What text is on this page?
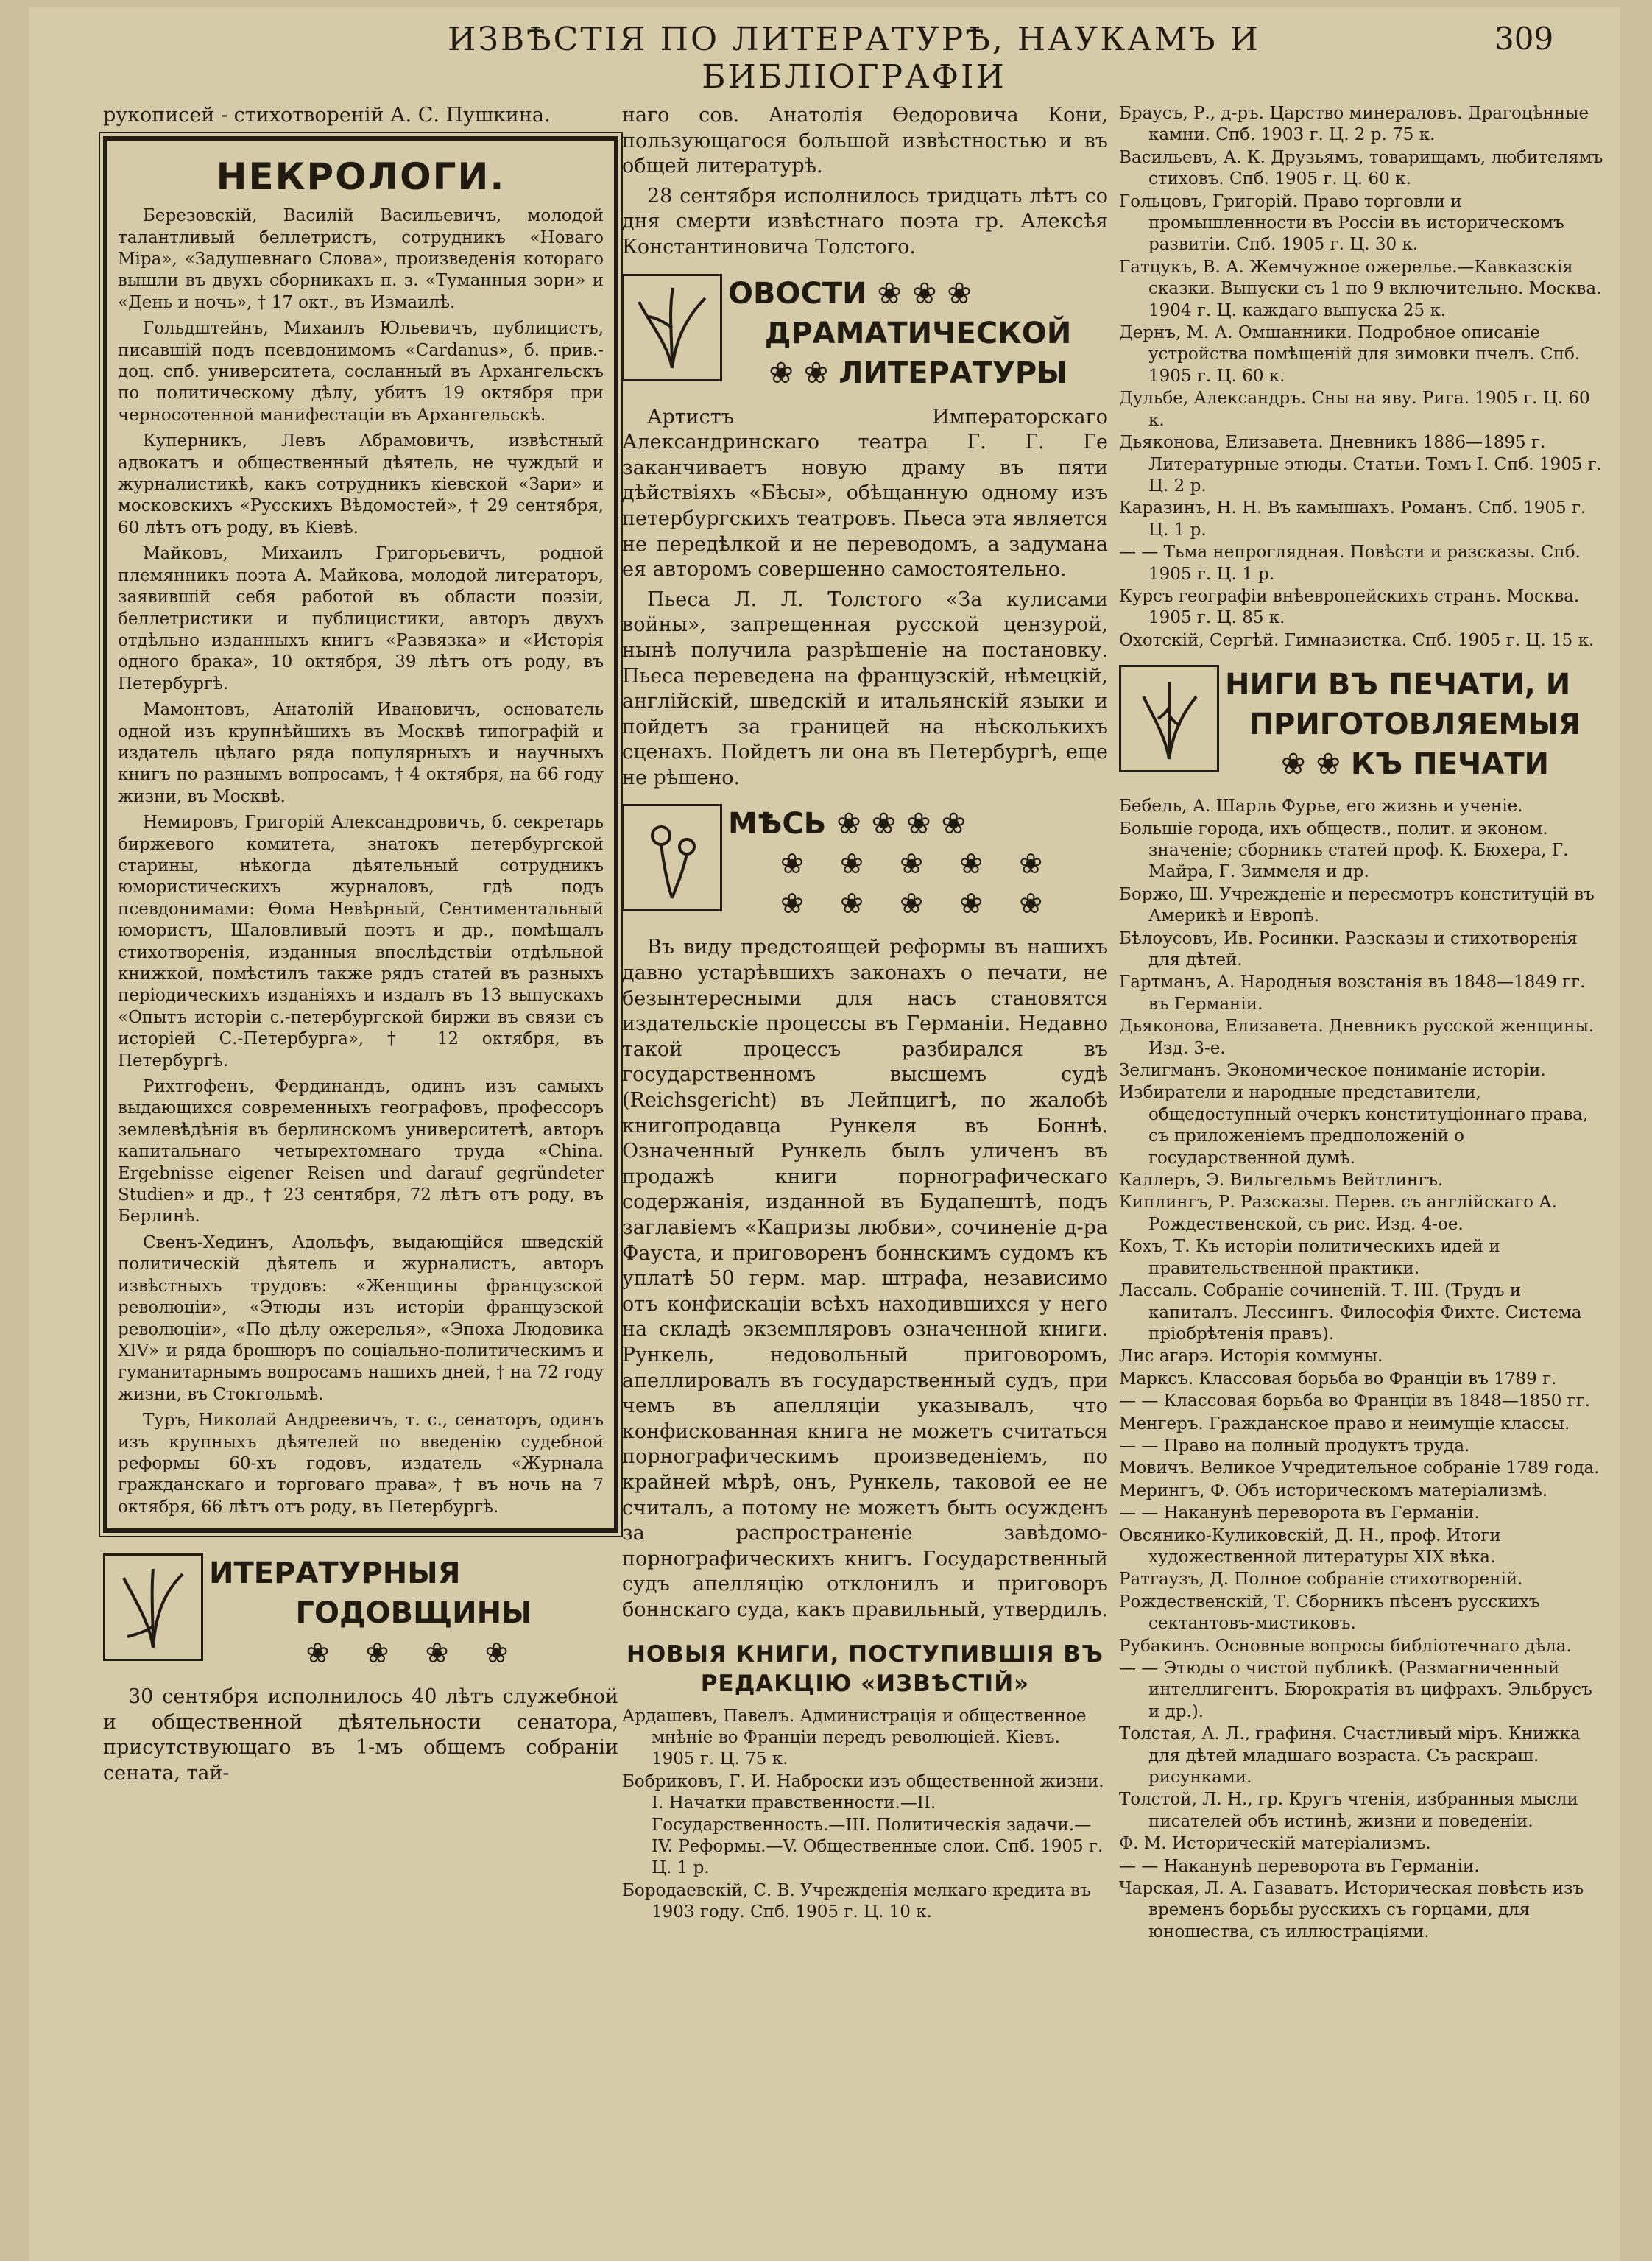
ИЗВѢСТІЯ ПО ЛИТЕРАТУРѢ, НАУКАМЪ И БИБЛІОГРАФІИ
309

рукописей - стихотвореній А. С. Пушкина.

НЕКРОЛОГИ.

Березовскій, Василій Васильевичъ, молодой талантливый беллетристъ, сотрудникъ «Новаго Міра», «Задушевнаго Слова», произведенія котораго вышли въ двухъ сборникахъ п. з. «Туманныя зори» и «День и ночь», † 17 окт., въ Измаилѣ.

Гольдштейнъ, Михаилъ Юльевичъ, публицистъ, писавшій подъ псевдонимомъ «Cardanus», б. прив.-доц. спб. университета, сосланный въ Архангельскъ по политическому дѣлу, убитъ 19 октября при черносотенной манифестаціи въ Архангельскѣ.

Куперникъ, Левъ Абрамовичъ, извѣстный адвокатъ и общественный дѣятель, не чуждый и журналистикѣ, какъ сотрудникъ кіевской «Зари» и московскихъ «Русскихъ Вѣдомостей», † 29 сентября, 60 лѣтъ отъ роду, въ Кіевѣ.

Майковъ, Михаилъ Григорьевичъ, родной племянникъ поэта А. Майкова, молодой литераторъ, заявившій себя работой въ области поэзіи, беллетристики и публицистики, авторъ двухъ отдѣльно изданныхъ книгъ «Развязка» и «Исторія одного брака», 10 октября, 39 лѣтъ отъ роду, въ Петербургѣ.

Мамонтовъ, Анатолій Ивановичъ, основатель одной изъ крупнѣйшихъ въ Москвѣ типографій и издатель цѣлаго ряда популярныхъ и научныхъ книгъ по разнымъ вопросамъ, † 4 октября, на 66 году жизни, въ Москвѣ.

Немировъ, Григорій Александровичъ, б. секретарь биржевого комитета, знатокъ петербургской старины, нѣкогда дѣятельный сотрудникъ юмористическихъ журналовъ, гдѣ подъ псевдонимами: Ѳома Невѣрный, Сентиментальный юмористъ, Шаловливый поэтъ и др., помѣщалъ стихотворенія, изданныя впослѣдствіи отдѣльной книжкой, помѣстилъ также рядъ статей въ разныхъ періодическихъ изданіяхъ и издалъ въ 13 выпускахъ «Опытъ исторіи с.-петербургской биржи въ связи съ исторіей С.-Петербурга», † 12 октября, въ Петербургѣ.

Рихтгофенъ, Фердинандъ, одинъ изъ самыхъ выдающихся современныхъ географовъ, профессоръ землевѣдѣнія въ берлинскомъ университетѣ, авторъ капитальнаго четырехтомнаго труда «China. Ergebnisse eigener Reisen und darauf gegründeter Studien» и др., † 23 сентября, 72 лѣтъ отъ роду, въ Берлинѣ.

Свенъ-Хединъ, Адольфъ, выдающійся шведскій политическій дѣятель и журналистъ, авторъ извѣстныхъ трудовъ: «Женщины французской революціи», «Этюды изъ исторіи французской революціи», «По дѣлу ожерелья», «Эпоха Людовика XIV» и ряда брошюръ по соціально-политическимъ и гуманитарнымъ вопросамъ нашихъ дней, † на 72 году жизни, въ Стокгольмѣ.

Туръ, Николай Андреевичъ, т. с., сенаторъ, одинъ изъ крупныхъ дѣятелей по введенію судебной реформы 60-хъ годовъ, издатель «Журнала гражданскаго и торговаго права», † въ ночь на 7 октября, 66 лѣтъ отъ роду, въ Петербургѣ.

ИТЕРАТУРНЫЯ
ГОДОВЩИНЫ
❀ ❀ ❀ ❀

30 сентября исполнилось 40 лѣтъ служебной и общественной дѣятельности сенатора, присутствующаго въ 1-мъ общемъ собраніи сената, тай-

наго сов. Анатолія Ѳедоровича Кони, пользующагося большой извѣстностью и въ общей литературѣ.

28 сентября исполнилось тридцать лѣтъ со дня смерти извѣстнаго поэта гр. Алексѣя Константиновича Толстого.

ОВОСТИ ❀ ❀ ❀
ДРАМАТИЧЕСКОЙ
❀ ❀ ЛИТЕРАТУРЫ

Артистъ Императорскаго Александринскаго театра Г. Г. Ге заканчиваетъ новую драму въ пяти дѣйствіяхъ «Бѣсы», обѣщанную одному изъ петербургскихъ театровъ. Пьеса эта является не передѣлкой и не переводомъ, а задумана ея авторомъ совершенно самостоятельно.

Пьеса Л. Л. Толстого «За кулисами войны», запрещенная русской цензурой, нынѣ получила разрѣшеніе на постановку. Пьеса переведена на французскій, нѣмецкій, англійскій, шведскій и итальянскій языки и пойдетъ за границей на нѣсколькихъ сценахъ. Пойдетъ ли она въ Петербургѣ, еще не рѣшено.

МѢСЬ ❀ ❀ ❀ ❀
❀ ❀ ❀ ❀ ❀
❀ ❀ ❀ ❀ ❀

Въ виду предстоящей реформы въ нашихъ давно устарѣвшихъ законахъ о печати, не безынтересными для насъ становятся издательскіе процессы въ Германіи. Недавно такой процессъ разбирался въ государственномъ высшемъ судѣ (Reichsgericht) въ Лейпцигѣ, по жалобѣ книгопродавца Рункеля въ Боннѣ. Означенный Рункель былъ уличенъ въ продажѣ книги порнографическаго содержанія, изданной въ Будапештѣ, подъ заглавіемъ «Капризы любви», сочиненіе д-ра Фауста, и приговоренъ боннскимъ судомъ къ уплатѣ 50 герм. мар. штрафа, независимо отъ конфискаціи всѣхъ находившихся у него на складѣ экземпляровъ означенной книги. Рункель, недовольный приговоромъ, апеллировалъ въ государственный судъ, при чемъ въ апелляціи указывалъ, что конфискованная книга не можетъ считаться порнографическимъ произведеніемъ, по крайней мѣрѣ, онъ, Рункель, таковой ее не считалъ, а потому не можетъ быть осужденъ за распространеніе завѣдомо-порнографическихъ книгъ. Государственный судъ апелляцію отклонилъ и приговоръ боннскаго суда, какъ правильный, утвердилъ.

НОВЫЯ КНИГИ, ПОСТУПИВШІЯ ВЪ
РЕДАКЦІЮ «ИЗВѢСТІЙ»

Ардашевъ, Павелъ. Администрація и общественное мнѣніе во Франціи передъ революціей. Кіевъ. 1905 г. Ц. 75 к.

Бобриковъ, Г. И. Наброски изъ общественной жизни. I. Начатки правственности.—II. Государственность.—III. Политическія задачи.—IV. Реформы.—V. Общественные слои. Спб. 1905 г. Ц. 1 р.

Бородаевскій, С. В. Учрежденія мелкаго кредита въ 1903 году. Спб. 1905 г. Ц. 10 к.

Браусъ, Р., д-ръ. Царство минераловъ. Драгоцѣнные камни. Спб. 1903 г. Ц. 2 р. 75 к.

Васильевъ, А. К. Друзьямъ, товарищамъ, любителямъ стиховъ. Спб. 1905 г. Ц. 60 к.

Гольцовъ, Григорій. Право торговли и промышленности въ Россіи въ историческомъ развитіи. Спб. 1905 г. Ц. 30 к.

Гатцукъ, В. А. Жемчужное ожерелье.—Кавказскія сказки. Выпуски съ 1 по 9 включительно. Москва. 1904 г. Ц. каждаго выпуска 25 к.

Дернъ, М. А. Омшанники. Подробное описаніе устройства помѣщеній для зимовки пчелъ. Спб. 1905 г. Ц. 60 к.

Дульбе, Александръ. Сны на яву. Рига. 1905 г. Ц. 60 к.

Дьяконова, Елизавета. Дневникъ 1886—1895 г. Литературные этюды. Статьи. Томъ I. Спб. 1905 г. Ц. 2 р.

Каразинъ, Н. Н. Въ камышахъ. Романъ. Спб. 1905 г. Ц. 1 р.

— — Тьма непроглядная. Повѣсти и разсказы. Спб. 1905 г. Ц. 1 р.

Курсъ географіи внѣевропейскихъ странъ. Москва. 1905 г. Ц. 85 к.

Охотскій, Сергѣй. Гимназистка. Спб. 1905 г. Ц. 15 к.

НИГИ ВЪ ПЕЧАТИ, И
ПРИГОТОВЛЯЕМЫЯ
❀ ❀ КЪ ПЕЧАТИ

Бебель, А. Шарль Фурье, его жизнь и ученіе.

Большіе города, ихъ обществ., полит. и эконом. значеніе; сборникъ статей проф. К. Бюхера, Г. Майра, Г. Зиммеля и др.

Боржо, Ш. Учрежденіе и пересмотръ конституцій въ Америкѣ и Европѣ.

Бѣлоусовъ, Ив. Росинки. Разсказы и стихотворенія для дѣтей.

Гартманъ, А. Народныя возстанія въ 1848—1849 гг. въ Германіи.

Дьяконова, Елизавета. Дневникъ русской женщины. Изд. 3-е.

Зелигманъ. Экономическое пониманіе исторіи.

Избиратели и народные представители, общедоступный очеркъ конституціоннаго права, съ приложеніемъ предположеній о государственной думѣ.

Каллеръ, Э. Вильгельмъ Вейтлингъ.

Киплингъ, Р. Разсказы. Перев. съ англійскаго А. Рождественской, съ рис. Изд. 4-ое.

Кохъ, Т. Къ исторіи политическихъ идей и правительственной практики.

Лассаль. Собраніе сочиненій. Т. III. (Трудъ и капиталъ. Лессингъ. Философія Фихте. Система пріобрѣтенія правъ).

Лис агарэ. Исторія коммуны.

Марксъ. Классовая борьба во Франціи въ 1789 г.

— — Классовая борьба во Франціи въ 1848—1850 гг.

Менгеръ. Гражданское право и неимущіе классы.

— — Право на полный продуктъ труда.

Мовичъ. Великое Учредительное собраніе 1789 года.

Мерингъ, Ф. Объ историческомъ матеріализмѣ.

— — Наканунѣ переворота въ Германіи.

Овсянико-Куликовскій, Д. Н., проф. Итоги художественной литературы XIX вѣка.

Ратгаузъ, Д. Полное собраніе стихотвореній.

Рождественскій, Т. Сборникъ пѣсенъ русскихъ сектантовъ-мистиковъ.

Рубакинъ. Основные вопросы библіотечнаго дѣла.

— — Этюды о чистой публикѣ. (Размагниченный интеллигентъ. Бюрократія въ цифрахъ. Эльбрусъ и др.).

Толстая, А. Л., графиня. Счастливый міръ. Книжка для дѣтей младшаго возраста. Съ раскраш. рисунками.

Толстой, Л. Н., гр. Кругъ чтенія, избранныя мысли писателей объ истинѣ, жизни и поведеніи.

Ф. М. Историческій матеріализмъ.

— — Наканунѣ переворота въ Германіи.

Чарская, Л. А. Газаватъ. Историческая повѣсть изъ временъ борьбы русскихъ съ горцами, для юношества, съ иллюстраціями.
